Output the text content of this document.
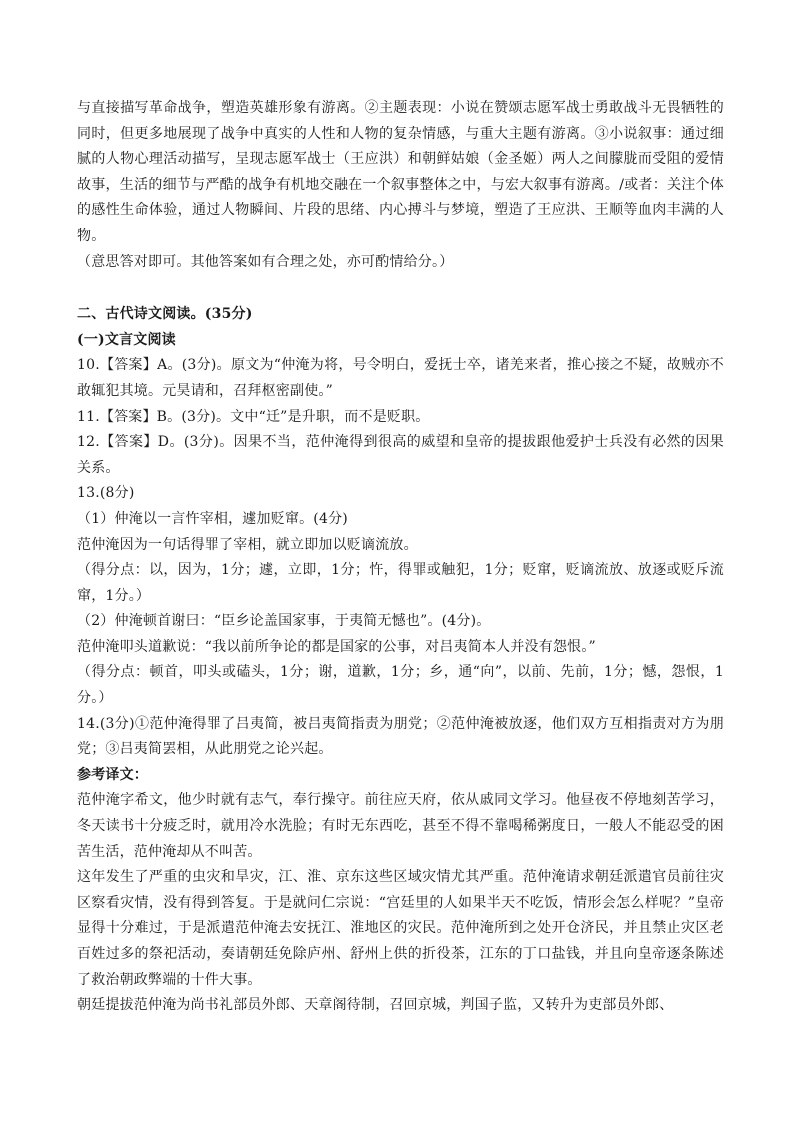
与直接描写革命战争，塑造英雄形象有游离。②主题表现：小说在赞颂志愿军战士勇敢战斗无畏牺牲的同时，但更多地展现了战争中真实的人性和人物的复杂情感，与重大主题有游离。③小说叙事：通过细腻的人物心理活动描写，呈现志愿军战士（王应洪）和朝鲜姑娘（金圣姬）两人之间朦胧而受阻的爱情故事，生活的细节与严酷的战争有机地交融在一个叙事整体之中，与宏大叙事有游离。/或者：关注个体的感性生命体验，通过人物瞬间、片段的思绪、内心搏斗与梦境，塑造了王应洪、王顺等血肉丰满的人物。

（意思答对即可。其他答案如有合理之处，亦可酌情给分。）

二、古代诗文阅读。(35分)

(一)文言文阅读

10.【答案】A。(3分)。原文为“仲淹为将，号令明白，爱抚士卒，诸羌来者，推心接之不疑，故贼亦不敢辄犯其境。元昊请和，召拜枢密副使。”

11.【答案】B。(3分)。文中“迁”是升职，而不是贬职。

12.【答案】D。(3分)。因果不当，范仲淹得到很高的威望和皇帝的提拔跟他爱护士兵没有必然的因果关系。

13.(8分)

（1）仲淹以一言忤宰相，遽加贬窜。(4分)

范仲淹因为一句话得罪了宰相，就立即加以贬谪流放。

（得分点：以，因为，1分；遽，立即，1分；忤，得罪或触犯，1分；贬窜，贬谪流放、放逐或贬斥流窜，1分。）

（2）仲淹顿首谢曰：“臣乡论盖国家事，于夷简无憾也”。(4分)。

范仲淹叩头道歉说：“我以前所争论的都是国家的公事，对吕夷简本人并没有怨恨。”

（得分点：顿首，叩头或磕头，1分；谢，道歉，1分；乡，通“向”，以前、先前，1分；憾，怨恨，1分。）

14.(3分)①范仲淹得罪了吕夷简，被吕夷简指责为朋党；②范仲淹被放逐，他们双方互相指责对方为朋党；③吕夷简罢相，从此朋党之论兴起。

参考译文：

范仲淹字希文，他少时就有志气，奉行操守。前往应天府，依从戚同文学习。他昼夜不停地刻苦学习，冬天读书十分疲乏时，就用冷水洗脸；有时无东西吃，甚至不得不靠喝稀粥度日，一般人不能忍受的困苦生活，范仲淹却从不叫苦。

这年发生了严重的虫灾和旱灾，江、淮、京东这些区域灾情尤其严重。范仲淹请求朝廷派遣官员前往灾区察看灾情，没有得到答复。于是就问仁宗说：“宫廷里的人如果半天不吃饭，情形会怎么样呢？”皇帝显得十分难过，于是派遣范仲淹去安抚江、淮地区的灾民。范仲淹所到之处开仓济民，并且禁止灾区老百姓过多的祭祀活动，奏请朝廷免除庐州、舒州上供的折役茶，江东的丁口盐钱，并且向皇帝逐条陈述了救治朝政弊端的十件大事。

朝廷提拔范仲淹为尚书礼部员外郎、天章阁待制，召回京城，判国子监，又转升为吏部员外郎、
